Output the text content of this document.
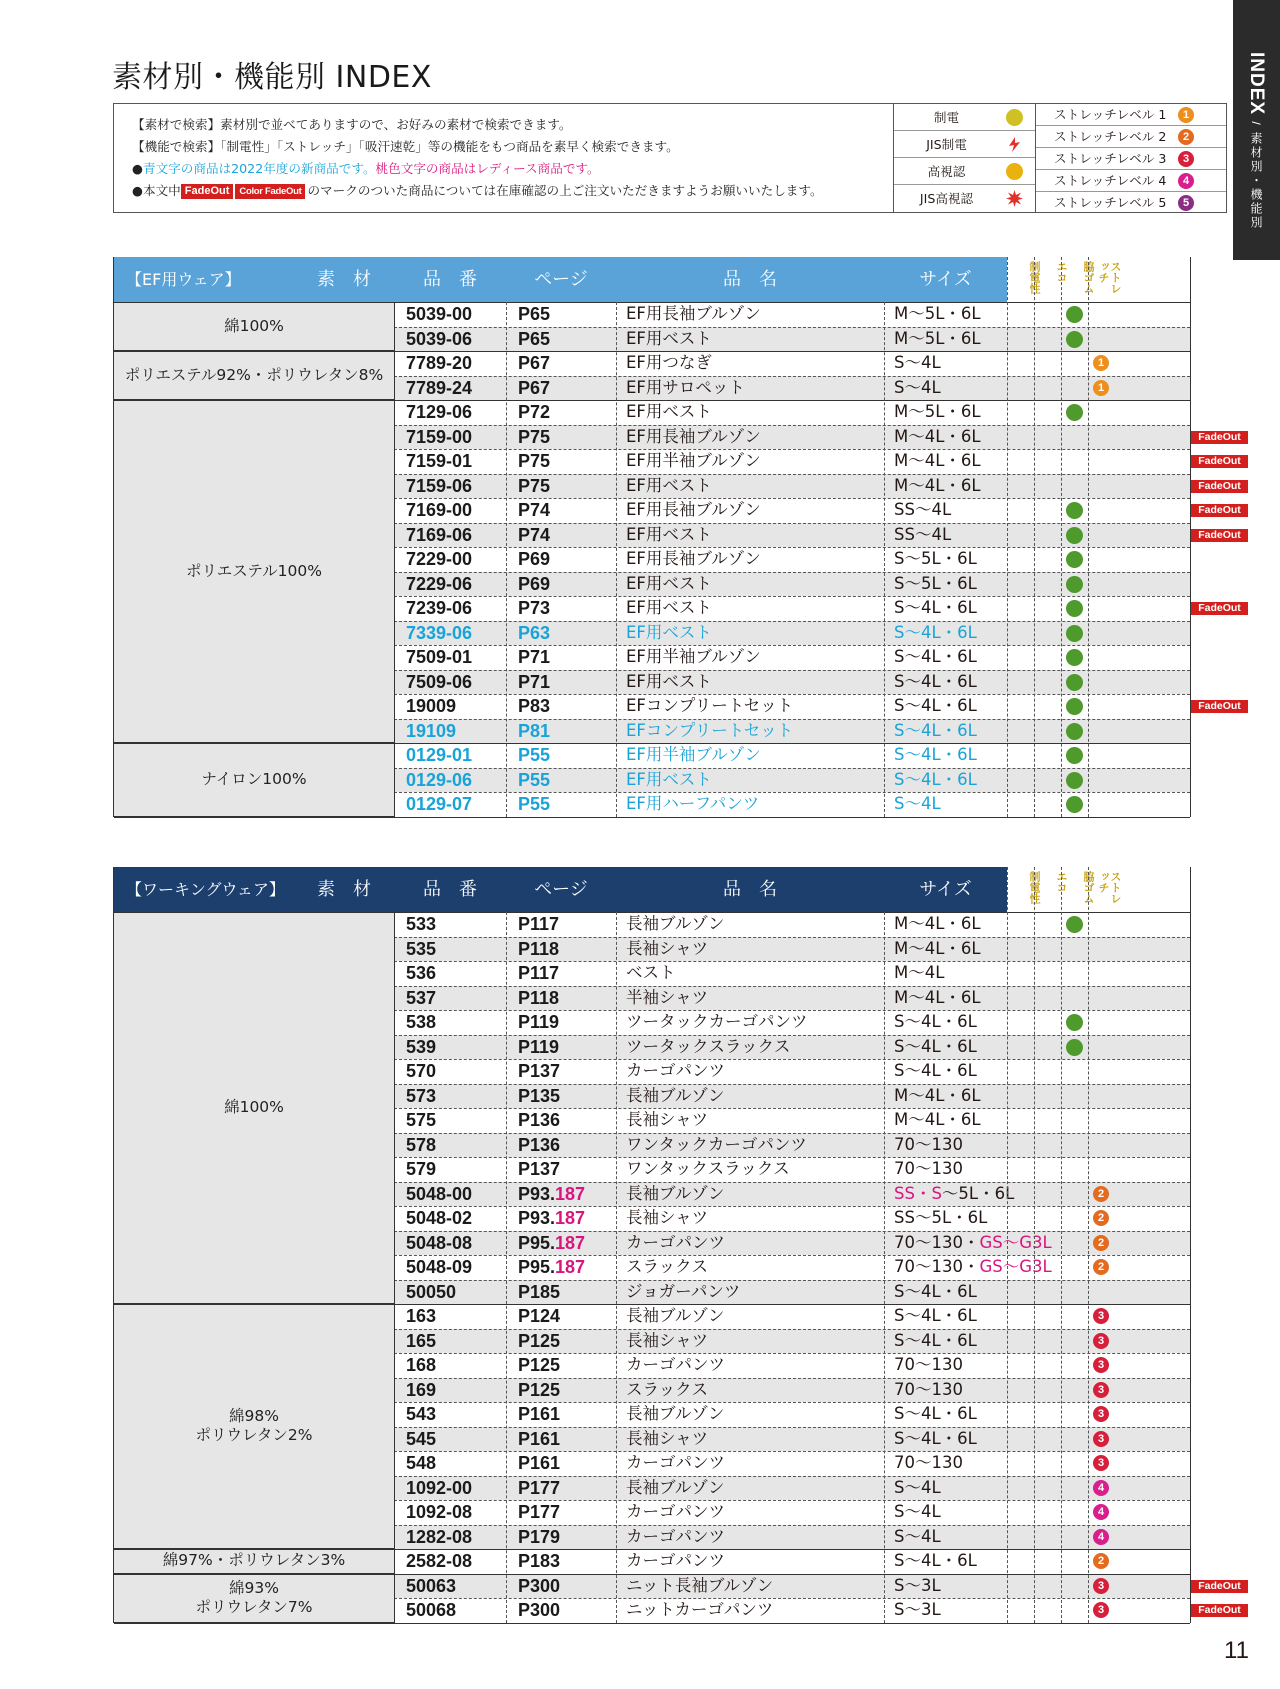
素材別・機能別 INDEX	INDEX / 素材別・機能別
【素材で検索】素材別で並べてありますので、お好みの素材で検索できます。
【機能で検索】「制電性」「ストレッチ」「吸汗速乾」等の機能をもつ商品を素早く検索できます。
●青文字の商品は2022年度の新商品です。桃色文字の商品はレディース商品です。
●本文中 FadeOut Color FadeOut のマークのついた商品については在庫確認の上ご注文いただきますようお願いいたします。
制電
JIS制電
高視認
JIS高視認
ストレッチレベル 1	1
ストレッチレベル 2	2
ストレッチレベル 3	3
ストレッチレベル 4	4
ストレッチレベル 5	5
【EF用ウェア】	素　材	品　番	ページ	品　名	サイズ	制電性	エコ	脇ゴム	ストレッチ
綿100%
5039-00	P65	EF用長袖ブルゾン	M～5L・6L
5039-06	P65	EF用ベスト	M～5L・6L
ポリエステル92%・ポリウレタン8%
7789-20	P67	EF用つなぎ	S～4L	1
7789-24	P67	EF用サロペット	S～4L	1
ポリエステル100%
7129-06	P72	EF用ベスト	M～5L・6L
7159-00	P75	EF用長袖ブルゾン	M～4L・6L	FadeOut
7159-01	P75	EF用半袖ブルゾン	M～4L・6L	FadeOut
7159-06	P75	EF用ベスト	M～4L・6L	FadeOut
7169-00	P74	EF用長袖ブルゾン	SS～4L	FadeOut
7169-06	P74	EF用ベスト	SS～4L	FadeOut
7229-00	P69	EF用長袖ブルゾン	S～5L・6L
7229-06	P69	EF用ベスト	S～5L・6L
7239-06	P73	EF用ベスト	S～4L・6L	FadeOut
7339-06	P63	EF用ベスト	S～4L・6L
7509-01	P71	EF用半袖ブルゾン	S～4L・6L
7509-06	P71	EF用ベスト	S～4L・6L
19009	P83	EFコンプリートセット	S～4L・6L	FadeOut
19109	P81	EFコンプリートセット	S～4L・6L
ナイロン100%
0129-01	P55	EF用半袖ブルゾン	S～4L・6L
0129-06	P55	EF用ベスト	S～4L・6L
0129-07	P55	EF用ハーフパンツ	S～4L
【ワーキングウェア】	素　材	品　番	ページ	品　名	サイズ	制電性	エコ	脇ゴム	ストレッチ
綿100%
533	P117	長袖ブルゾン	M～4L・6L
535	P118	長袖シャツ	M～4L・6L
536	P117	ベスト	M～4L
537	P118	半袖シャツ	M～4L・6L
538	P119	ツータックカーゴパンツ	S～4L・6L
539	P119	ツータックスラックス	S～4L・6L
570	P137	カーゴパンツ	S～4L・6L
573	P135	長袖ブルゾン	M～4L・6L
575	P136	長袖シャツ	M～4L・6L
578	P136	ワンタックカーゴパンツ	70～130
579	P137	ワンタックスラックス	70～130
5048-00	P93.187 長袖ブルゾン	SS・S～5L・6L	2
5048-02	P93.187 長袖シャツ	SS～5L・6L	2
5048-08	P95.187 カーゴパンツ	70～130・GS～G3L	2
5048-09	P95.187 スラックス	70～130・GS～G3L	2
50050	P185	ジョガーパンツ	S～4L・6L
綿98%
ポリウレタン2%
163	P124	長袖ブルゾン	S～4L・6L	3
165	P125	長袖シャツ	S～4L・6L	3
168	P125	カーゴパンツ	70～130	3
169	P125	スラックス	70～130	3
543	P161	長袖ブルゾン	S～4L・6L	3
545	P161	長袖シャツ	S～4L・6L	3
548	P161	カーゴパンツ	70～130	3
1092-00	P177	長袖ブルゾン	S～4L	4
1092-08	P177	カーゴパンツ	S～4L	4
1282-08	P179	カーゴパンツ	S～4L	4
綿97%・ポリウレタン3%	2582-08	P183	カーゴパンツ	S～4L・6L	2
綿93%
ポリウレタン7%
50063	P300	ニット長袖ブルゾン	S～3L	3	FadeOut
50068	P300	ニットカーゴパンツ	S～3L	3	FadeOut
11
